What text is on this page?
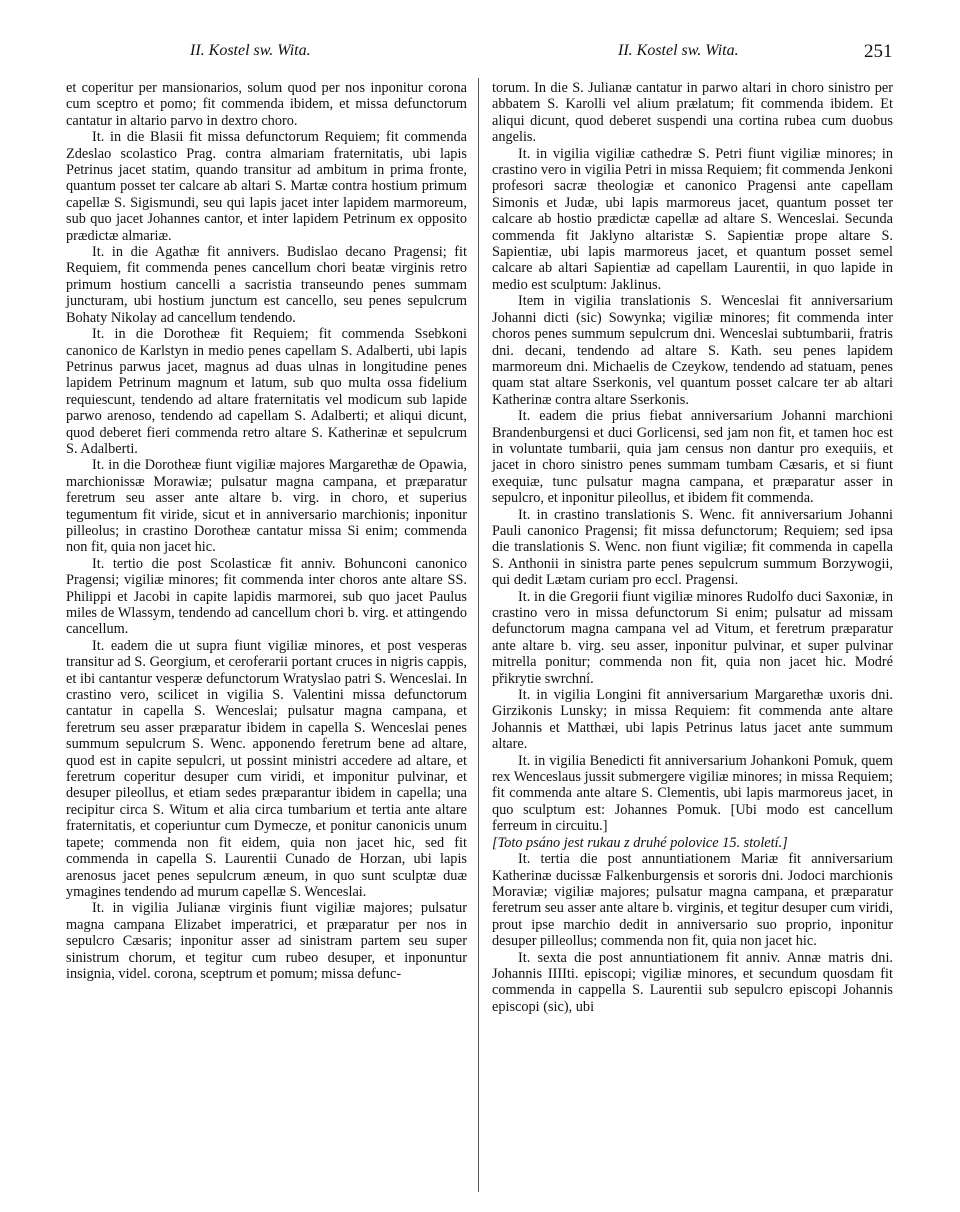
II. Kostel sw. Wita.	II. Kostel sw. Wita.	251

et coperitur per mansionarios, solum quod per nos inponitur corona cum sceptro et pomo; fit commenda ibidem, et missa defunctorum cantatur in altario parvo in dextro choro.

It. in die Blasii fit missa defunctorum Requiem; fit commenda Zdeslao scolastico Prag. contra almariam fraternitatis, ubi lapis Petrinus jacet statim, quando transitur ad ambitum in prima fronte, quantum posset ter calcare ab altari S. Martæ contra hostium primum capellæ S. Sigismundi, seu qui lapis jacet inter lapidem marmoreum, sub quo jacet Johannes cantor, et inter lapidem Petrinum ex opposito prædictæ almariæ.

It. in die Agathæ fit annivers. Budislao decano Pragensi; fit Requiem, fit commenda penes cancellum chori beatæ virginis retro primum hostium cancelli a sacristia transeundo penes summam juncturam, ubi hostium junctum est cancello, seu penes sepulcrum Bohaty Nikolay ad cancellum tendendo.

It. in die Dorotheæ fit Requiem; fit commenda Ssebkoni canonico de Karlstyn in medio penes capellam S. Adalberti, ubi lapis Petrinus parwus jacet, magnus ad duas ulnas in longitudine penes lapidem Petrinum magnum et latum, sub quo multa ossa fidelium requiescunt, tendendo ad altare fraternitatis vel modicum sub lapide parwo arenoso, tendendo ad capellam S. Adalberti; et aliqui dicunt, quod deberet fieri commenda retro altare S. Katherinæ et sepulcrum S. Adalberti.

It. in die Dorotheæ fiunt vigiliæ majores Margarethæ de Opawia, marchionissæ Morawiæ; pulsatur magna campana, et præparatur feretrum seu asser ante altare b. virg. in choro, et superius tegumentum fit viride, sicut et in anniversario marchionis; inponitur pilleolus; in crastino Dorotheæ cantatur missa Si enim; commenda non fit, quia non jacet hic.

It. tertio die post Scolasticæ fit anniv. Bohunconi canonico Pragensi; vigiliæ minores; fit commenda inter choros ante altare SS. Philippi et Jacobi in capite lapidis marmorei, sub quo jacet Paulus miles de Wlassym, tendendo ad cancellum chori b. virg. et attingendo cancellum.

It. eadem die ut supra fiunt vigiliæ minores, et post vesperas transitur ad S. Georgium, et ceroferarii portant cruces in nigris cappis, et ibi cantantur vesperæ defunctorum Wratyslao patri S. Wenceslai. In crastino vero, scilicet in vigilia S. Valentini missa defunctorum cantatur in capella S. Wenceslai; pulsatur magna campana, et feretrum seu asser præparatur ibidem in capella S. Wenceslai penes summum sepulcrum S. Wenc. apponendo feretrum bene ad altare, quod est in capite sepulcri, ut possint ministri accedere ad altare, et feretrum coperitur desuper cum viridi, et imponitur pulvinar, et desuper pileollus, et etiam sedes præparantur ibidem in capella; una recipitur circa S. Witum et alia circa tumbarium et tertia ante altare fraternitatis, et coperiuntur cum Dymecze, et ponitur canonicis unum tapete; commenda non fit eidem, quia non jacet hic, sed fit commenda in capella S. Laurentii Cunado de Horzan, ubi lapis arenosus jacet penes sepulcrum æneum, in quo sunt sculptæ duæ ymagines tendendo ad murum capellæ S. Wenceslai.

It. in vigilia Julianæ virginis fiunt vigiliæ majores; pulsatur magna campana Elizabet imperatrici, et præparatur per nos in sepulcro Cæsaris; inponitur asser ad sinistram partem seu super sinistrum chorum, et tegitur cum rubeo desuper, et inponuntur insignia, videl. corona, sceptrum et pomum; missa defunc-

torum. In die S. Julianæ cantatur in parwo altari in choro sinistro per abbatem S. Karolli vel alium prælatum; fit commenda ibidem. Et aliqui dicunt, quod deberet suspendi una cortina rubea cum duobus angelis.

It. in vigilia vigiliæ cathedræ S. Petri fiunt vigiliæ minores; in crastino vero in vigilia Petri in missa Requiem; fit commenda Jenkoni profesori sacræ theologiæ et canonico Pragensi ante capellam Simonis et Judæ, ubi lapis marmoreus jacet, quantum posset ter calcare ab hostio prædictæ capellæ ad altare S. Wenceslai. Secunda commenda fit Jaklyno altaristæ S. Sapientiæ prope altare S. Sapientiæ, ubi lapis marmoreus jacet, et quantum posset semel calcare ab altari Sapientiæ ad capellam Laurentii, in quo lapide in medio est sculptum: Jaklinus.

Item in vigilia translationis S. Wenceslai fit anniversarium Johanni dicti (sic) Sowynka; vigiliæ minores; fit commenda inter choros penes summum sepulcrum dni. Wenceslai subtumbarii, fratris dni. decani, tendendo ad altare S. Kath. seu penes lapidem marmoreum dni. Michaelis de Czeykow, tendendo ad statuam, penes quam stat altare Sserkonis, vel quantum posset calcare ter ab altari Katherinæ contra altare Sserkonis.

It. eadem die prius fiebat anniversarium Johanni marchioni Brandenburgensi et duci Gorlicensi, sed jam non fit, et tamen hoc est in voluntate tumbarii, quia jam census non dantur pro exequiis, et jacet in choro sinistro penes summam tumbam Cæsaris, et si fiunt exequiæ, tunc pulsatur magna campana, et præparatur asser in sepulcro, et inponitur pileollus, et ibidem fit commenda.

It. in crastino translationis S. Wenc. fit anniversarium Johanni Pauli canonico Pragensi; fit missa defunctorum; Requiem; sed ipsa die translationis S. Wenc. non fiunt vigiliæ; fit commenda in capella S. Anthonii in sinistra parte penes sepulcrum summum Borzywogii, qui dedit Lætam curiam pro eccl. Pragensi.

It. in die Gregorii fiunt vigiliæ minores Rudolfo duci Saxoniæ, in crastino vero in missa defunctorum Si enim; pulsatur ad missam defunctorum magna campana vel ad Vitum, et feretrum præparatur ante altare b. virg. seu asser, inponitur pulvinar, et super pulvinar mitrella ponitur; commenda non fit, quia non jacet hic. Modré přikrytie swrchní.

It. in vigilia Longini fit anniversarium Margarethæ uxoris dni. Girzikonis Lunsky; in missa Requiem: fit commenda ante altare Johannis et Matthæi, ubi lapis Petrinus latus jacet ante summum altare.

It. in vigilia Benedicti fit anniversarium Johankoni Pomuk, quem rex Wenceslaus jussit submergere vigiliæ minores; in missa Requiem; fit commenda ante altare S. Clementis, ubi lapis marmoreus jacet, in quo sculptum est: Johannes Pomuk. [Ubi modo est cancellum ferreum in circuitu.]

[Toto psáno jest rukau z druhé polovice 15. století.]

It. tertia die post annuntiationem Mariæ fit anniversarium Katherinæ ducissæ Falkenburgensis et sororis dni. Jodoci marchionis Moraviæ; vigiliæ majores; pulsatur magna campana, et præparatur feretrum seu asser ante altare b. virginis, et tegitur desuper cum viridi, prout ipse marchio dedit in anniversario suo proprio, inponitur desuper pilleollus; commenda non fit, quia non jacet hic.

It. sexta die post annuntiationem fit anniv. Annæ matris dni. Johannis IIIIti. episcopi; vigiliæ minores, et secundum quosdam fit commenda in cappella S. Laurentii sub sepulcro episcopi Johannis episcopi (sic), ubi
